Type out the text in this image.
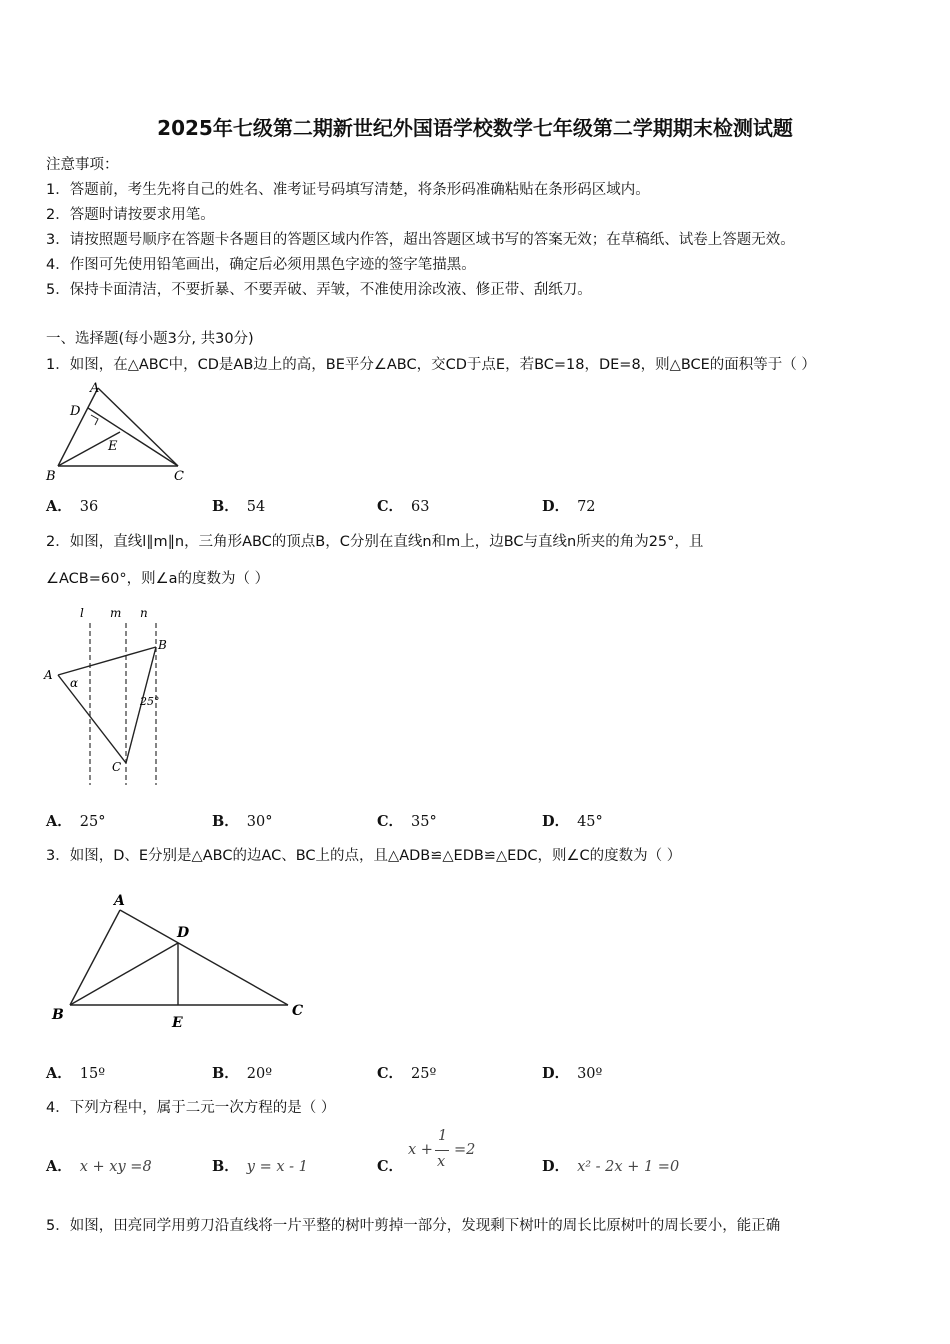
2025年七级第二期新世纪外国语学校数学七年级第二学期期末检测试题
注意事项：
1．答题前，考生先将自己的姓名、准考证号码填写清楚，将条形码准确粘贴在条形码区域内。
2．答题时请按要求用笔。
3．请按照题号顺序在答题卡各题目的答题区域内作答，超出答题区域书写的答案无效；在草稿纸、试卷上答题无效。
4．作图可先使用铅笔画出，确定后必须用黑色字迹的签字笔描黑。
5．保持卡面清洁，不要折暴、不要弄破、弄皱，不准使用涂改液、修正带、刮纸刀。
一、选择题(每小题3分, 共30分)
1．如图，在△ABC中，CD是AB边上的高，BE平分∠ABC，交CD于点E，若BC=18，DE=8，则△BCE的面积等于（ ）
A
D
E
B	C
A． 36	B． 54	C． 63	D． 72
2．如图，直线l∥m∥n，三角形ABC的顶点B，C分别在直线n和m上，边BC与直线n所夹的角为25°，且
∠ACB=60°，则∠a的度数为（ ）
l m n
A
B
C
α
25°
A． 25°	B． 30°	C． 35°	D． 45°
3．如图，D、E分别是△ABC的边AC、BC上的点，且△ADB≌△EDB≌△EDC，则∠C的度数为（ ）
A
D
B	E
C
A． 15º	B． 20º	C． 25º	D． 30º
4．下列方程中，属于二元一次方程的是（ ）
A． x + xy =8	B． y = x - 1	C．
x +
1
x
=2
D． x² - 2x + 1 =0
5．如图，田亮同学用剪刀沿直线将一片平整的树叶剪掉一部分，发现剩下树叶的周长比原树叶的周长要小，能正确
